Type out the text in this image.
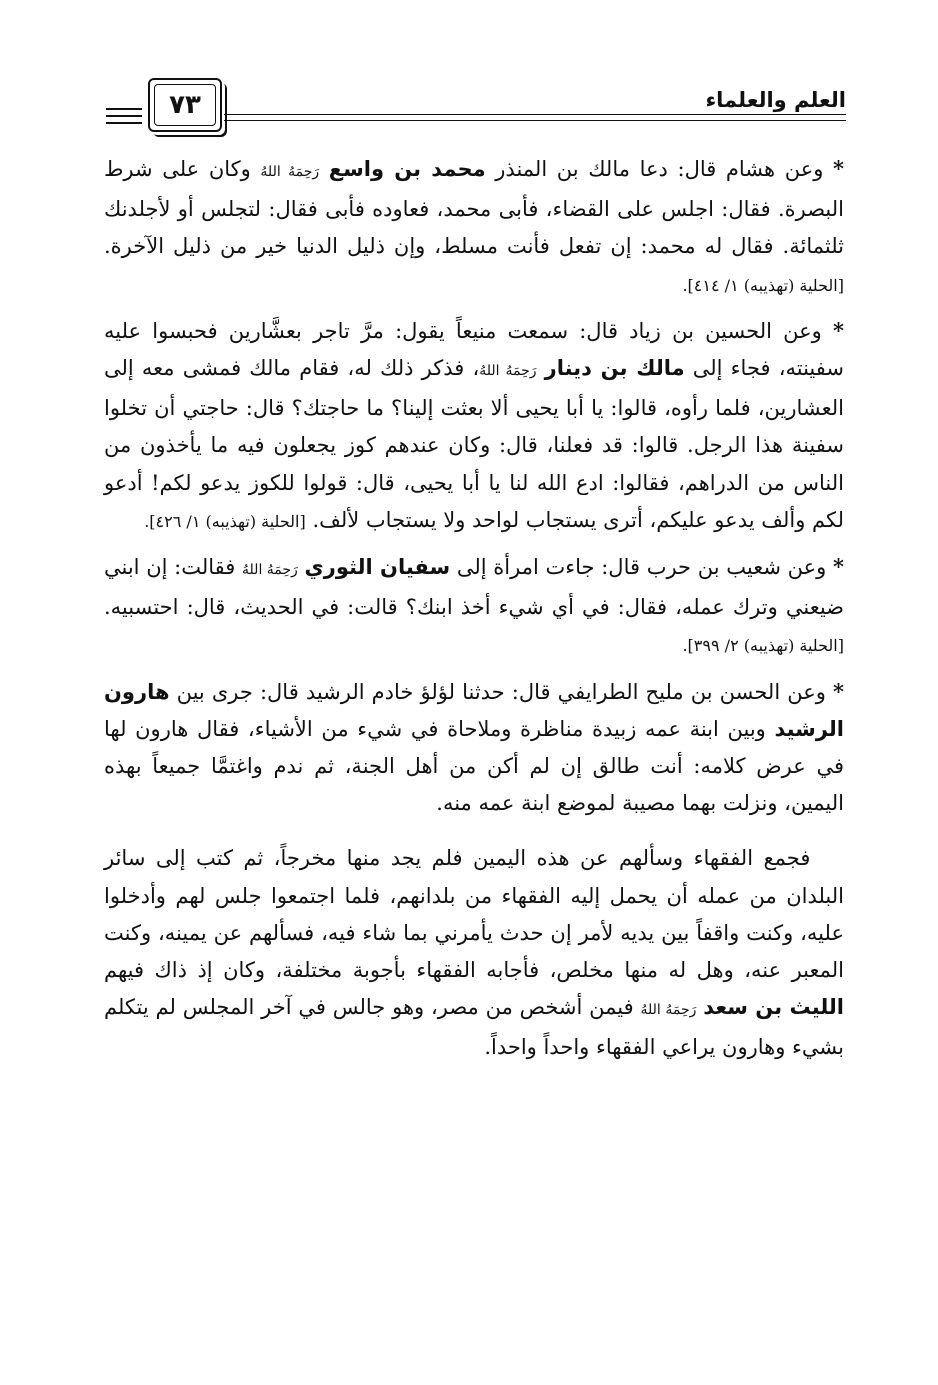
٧٣	العلم والعلماء

* وعن هشام قال: دعا مالك بن المنذر محمد بن واسع رَحِمَهُ اللهُ وكان على شرط البصرة. فقال: اجلس على القضاء، فأبى محمد، فعاوده فأبى فقال: لتجلس أو لأجلدنك ثلثمائة. فقال له محمد: إن تفعل فأنت مسلط، وإن ذليل الدنيا خير من ذليل الآخرة. [الحلية (تهذيبه) ١/ ٤١٤].

* وعن الحسين بن زياد قال: سمعت منيعاً يقول: مرَّ تاجر بعشَّارين فحبسوا عليه سفينته، فجاء إلى مالك بن دينار رَحِمَهُ اللهُ، فذكر ذلك له، فقام مالك فمشى معه إلى العشارين، فلما رأوه، قالوا: يا أبا يحيى ألا بعثت إلينا؟ ما حاجتك؟ قال: حاجتي أن تخلوا سفينة هذا الرجل. قالوا: قد فعلنا، قال: وكان عندهم كوز يجعلون فيه ما يأخذون من الناس من الدراهم، فقالوا: ادع الله لنا يا أبا يحيى، قال: قولوا للكوز يدعو لكم! أدعو لكم وألف يدعو عليكم، أترى يستجاب لواحد ولا يستجاب لألف. [الحلية (تهذيبه) ١/ ٤٢٦].

* وعن شعيب بن حرب قال: جاءت امرأة إلى سفيان الثوري رَحِمَهُ اللهُ فقالت: إن ابني ضيعني وترك عمله، فقال: في أي شيء أخذ ابنك؟ قالت: في الحديث، قال: احتسبيه. [الحلية (تهذيبه) ٢/ ٣٩٩].

* وعن الحسن بن مليح الطرايفي قال: حدثنا لؤلؤ خادم الرشيد قال: جرى بين هارون الرشيد وبين ابنة عمه زبيدة مناظرة وملاحاة في شيء من الأشياء، فقال هارون لها في عرض كلامه: أنت طالق إن لم أكن من أهل الجنة، ثم ندم واغتمَّا جميعاً بهذه اليمين، ونزلت بهما مصيبة لموضع ابنة عمه منه.

فجمع الفقهاء وسألهم عن هذه اليمين فلم يجد منها مخرجاً، ثم كتب إلى سائر البلدان من عمله أن يحمل إليه الفقهاء من بلدانهم، فلما اجتمعوا جلس لهم وأدخلوا عليه، وكنت واقفاً بين يديه لأمر إن حدث يأمرني بما شاء فيه، فسألهم عن يمينه، وكنت المعبر عنه، وهل له منها مخلص، فأجابه الفقهاء بأجوبة مختلفة، وكان إذ ذاك فيهم الليث بن سعد رَحِمَهُ اللهُ فيمن أشخص من مصر، وهو جالس في آخر المجلس لم يتكلم بشيء وهارون يراعي الفقهاء واحداً واحداً.
